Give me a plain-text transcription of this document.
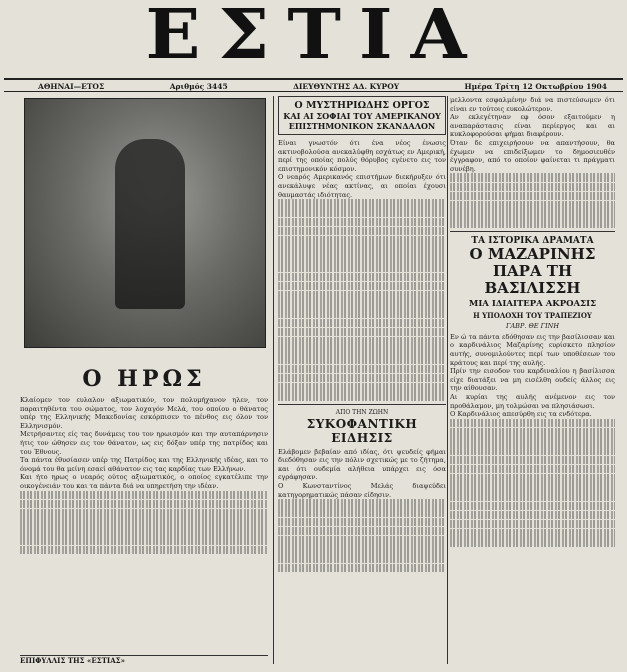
ΕΣΤΙΑ
ΑΘΗΝΑΙ—ΕΤΟΣ	Αριθμός 3445	ΔΙΕΥΘΥΝΤΗΣ ΑΔ. ΚΥΡΟΥ	Ημέρα Τρίτη 12 Οκτωβρίου 1904
Ο ΗΡΩΣ
Κλαίομεν τον ευλαλον αξιωματικόν, τον πολυμήχανον ηλεν, τον παραιτηθέντα του σώματος, τον λοχαγόν Μελά, του οποίου ο θάνατος υπέρ της Ελληνικής Μακεδονίας εσκόρπισεν το πένθος εις όλον τον Ελληνισμόν.
Μετρήσαντες είς τας δυνάμεις του τον ηρωισμόν και την αυταπάρνησιν ήτις τον ώθησεν εις τον θάνατον, ως εις δόξαν υπέρ της πατρίδος και του Έθνους.
Τα πάντα έθυσίασεν υπέρ της Πατρίδος και της Ελληνικής ιδέας, και το όνομά του θα μείνη εσαεί αθάνατον εις τας καρδίας των Ελλήνων.
Και ήτο ηρως ο νεαρός ούτος αξιωματικός, ο οποίος εγκατέλιπε την οικογένειάν του και τα πάντα διά να υπηρετήση την ιδέαν.
ΕΠΙΦΥΛΛΙΣ ΤΗΣ «ΕΣΤΙΑΣ»
Ο ΜΥΣΤΗΡΙΩΔΗΣ ΟΡΓΟΣ
ΚΑΙ ΑΙ ΣΟΦΙΑΙ ΤΟΥ ΑΜΕΡΙΚΑΝΟΥ
ΕΠΙΣΤΗΜΟΝΙΚΟΝ ΣΚΑΝΔΑΛΟΝ
Είναι γνωστόν ότι ένα νέος ένωσις ακτινοβολούσα ανεκαλύφθη εσχάτως εν Αμερική, περί της οποίας πολύς θόρυβος εγένετο εις τον επιστημονικόν κόσμον.
Ο νεαρός Αμερικανός επιστήμων διεκήρυξεν ότι ανεκάλυψε νέας ακτίνας, αι οποίαι έχουσι θαυμαστάς ιδιότητας.
ΑΠΟ ΤΗΝ ΖΩΗΝ
ΣΥΚΟΦΑΝΤΙΚΗ ΕΙΔΗΣΙΣ
Ελάβομεν βεβαίαν από ιδίας, ότι ψευδείς φήμαι διεδόθησαν εις την πόλιν σχετικώς με το ζήτημα, και ότι ουδεμία αλήθεια υπάρχει εις όσα εγράφησαν.
Ο Κωνσταντίνος Μελάς διαψεύδει κατηγορηματικώς πάσαν είδησιν.
μελλοντα εσφαλμένην διά να πιστεύσωμεν ότι είναι εν τούτοις ευκολώτερον.
Αν εκλεγέτηναν εφ όσον εξαιτούμεν η αναπαράστασις είναι περίεργος και αι κυκλοφορούσαι φήμαι διαφέρουν.
Όταν δε επιχειρήσουν να απαντήσουν, θα έχωμεν να επιδείξωμεν το δημοσιευθέν έγγραφον, από το οποίον φαίνεται τι πράγματι συνέβη.
ΤΑ ΙΣΤΟΡΙΚΑ ΔΡΑΜΑΤΑ
Ο ΜΑΖΑΡΙΝΗΣ
ΠΑΡΑ ΤΗ ΒΑΣΙΛΙΣΣΗ
ΜΙΑ ΙΔΙΑΙΤΕΡΑ ΑΚΡΟΑΣΙΣ
Η ΥΠΟΛΟΧΗ ΤΟΥ ΤΡΑΠΕΖΙΟΥ
ΓΑΒΡ. ΘΕ ΓΙΝΗ
Εν ώ τα πάντα εδόθησαν εις την βασίλισσαν και ο καρδινάλιος Μαζαρίνης ευρίσκετο πλησίον αυτής, συνομιλούντες περί των υποθέσεων του κράτους και περί της αυλής.
Πρίν την εισοδον του καρδιναλίου η βασίλισσα είχε διατάξει να μη εισέλθη ουδείς άλλος εις την αίθουσαν.
Αι κυρίαι της αυλής ανέμενον εις τον προθάλαμον, μη τολμώσαι να πλησιάσωσι.
Ο Καρδινάλιος απεσύρθη εις τα ενδότερα.
